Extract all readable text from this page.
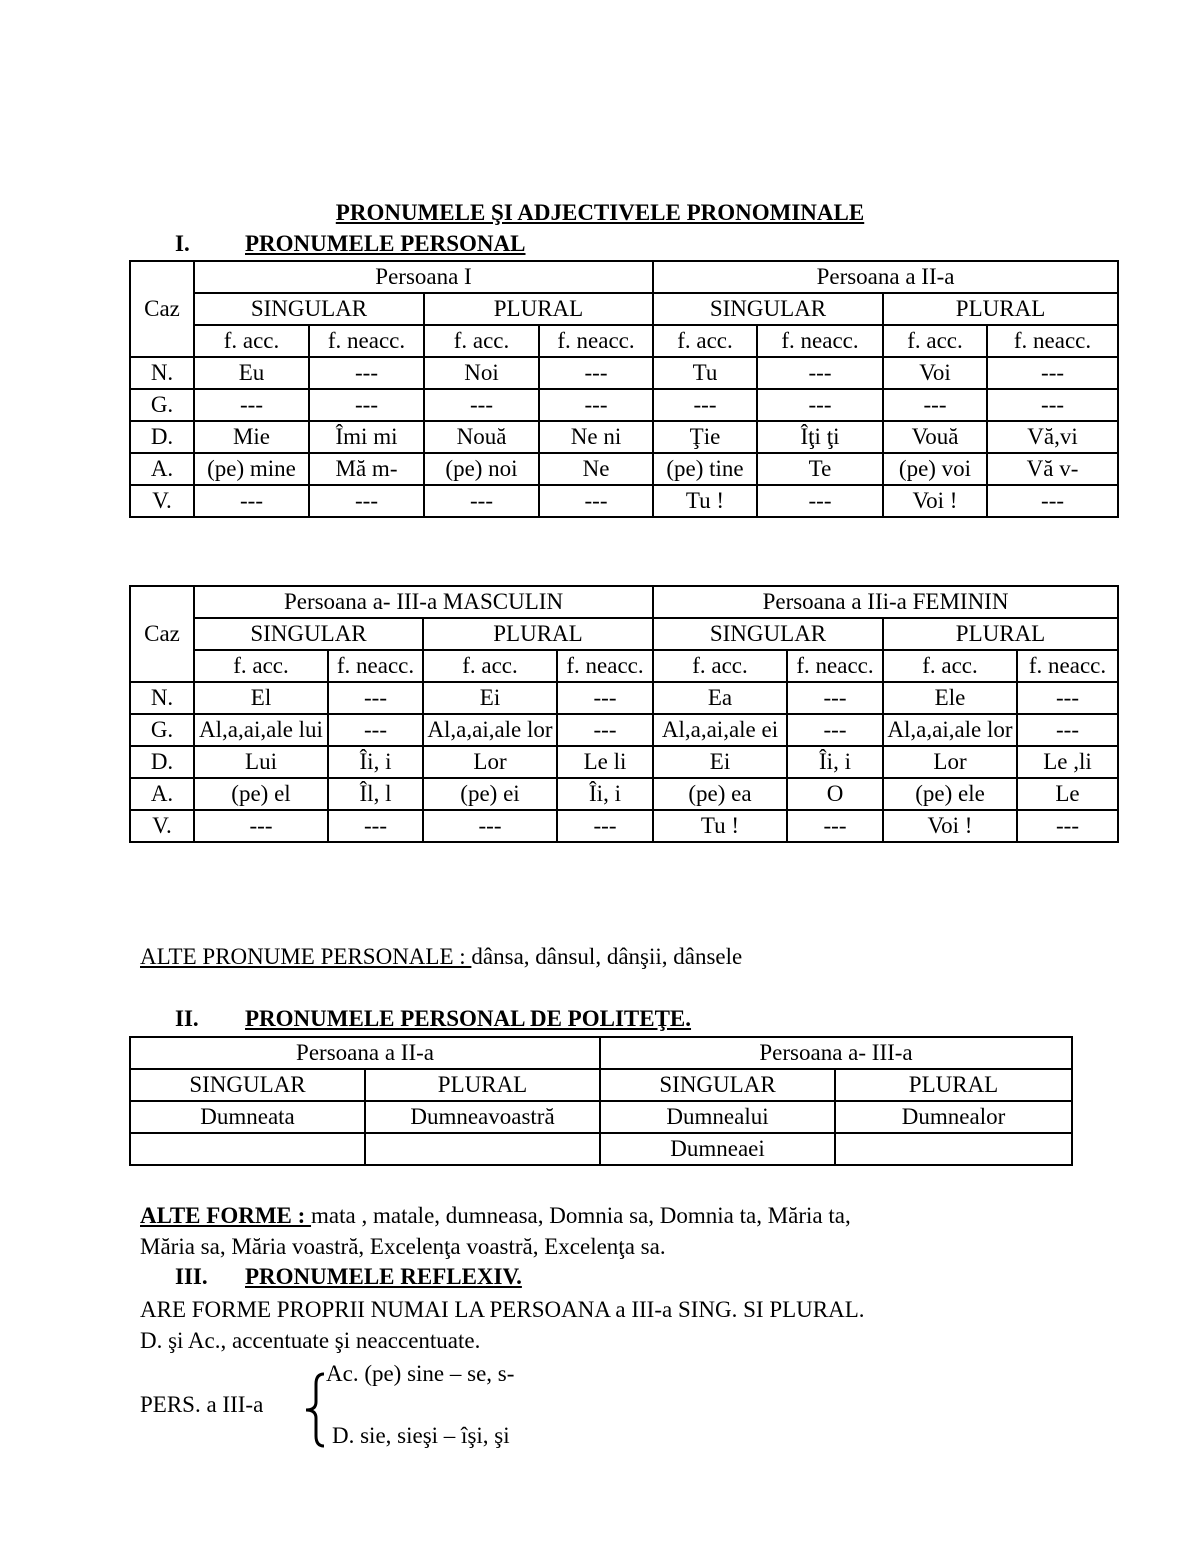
PRONUMELE ŞI ADJECTIVELE PRONOMINALE
I. PRONUMELE PERSONAL
Caz	Persoana I				Persoana a II-a			
	SINGULAR		PLURAL		SINGULAR		PLURAL	
	f. acc.	f. neacc.	f. acc.	f. neacc.	f. acc.	f. neacc.	f. acc.	f. neacc.
N.	Eu	---	Noi	---	Tu	---	Voi	---
G.	---	---	---	---	---	---	---	---
D.	Mie	Îmi mi	Nouă	Ne ni	Ţie	Îţi ţi	Vouă	Vă,vi
A.	(pe) mine	Mă m-	(pe) noi	Ne	(pe) tine	Te	(pe) voi	Vă v-
V.	---	---	---	---	Tu !	---	Voi !	---
Caz	Persoana a- III-a MASCULIN				Persoana a IIi-a FEMININ			
	SINGULAR		PLURAL		SINGULAR		PLURAL	
	f. acc.	f. neacc.	f. acc.	f. neacc.	f. acc.	f. neacc.	f. acc.	f. neacc.
N.	El	---	Ei	---	Ea	---	Ele	---
G.	Al,a,ai,ale lui	---	Al,a,ai,ale lor	---	Al,a,ai,ale ei	---	Al,a,ai,ale lor	---
D.	Lui	Îi, i	Lor	Le li	Ei	Îi, i	Lor	Le ,li
A.	(pe) el	Îl, l	(pe) ei	Îi, i	(pe) ea	O	(pe) ele	Le
V.	---	---	---	---	Tu !	---	Voi !	---
ALTE PRONUME PERSONALE : dânsa, dânsul, dânşii, dânsele
II. PRONUMELE PERSONAL DE POLITEŢE.
Persoana a II-a		Persoana a- III-a	
SINGULAR	PLURAL	SINGULAR	PLURAL
Dumneata	Dumneavoastră	Dumnealui	Dumnealor
		Dumneaei	
ALTE FORME : mata , matale, dumneasa, Domnia sa, Domnia ta, Măria ta,
Măria sa, Măria voastră, Excelenţa voastră, Excelenţa sa.
III. PRONUMELE REFLEXIV.
ARE FORME PROPRII NUMAI LA PERSOANA a III-a SING. SI PLURAL.
D. şi Ac., accentuate şi neaccentuate.
PERS. a III-a
Ac. (pe) sine – se, s-
D. sie, sieşi – îşi, şi
